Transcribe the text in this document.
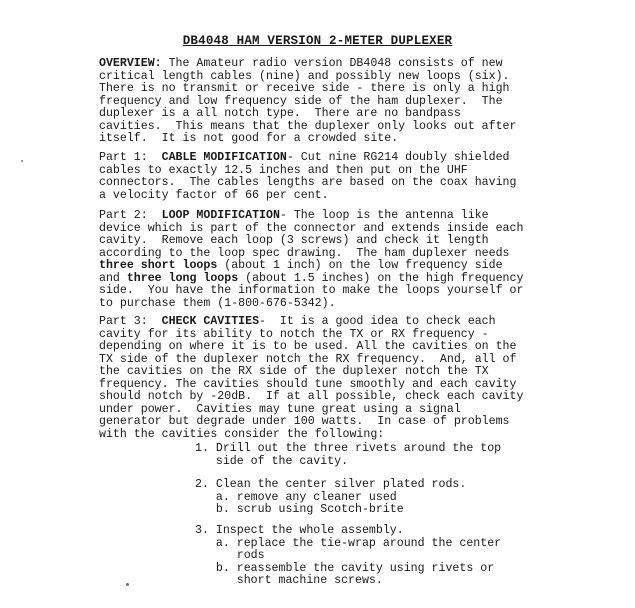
DB4048 HAM VERSION 2-METER DUPLEXER
OVERVIEW: The Amateur radio version DB4048 consists of new
critical length cables (nine) and possibly new loops (six).
There is no transmit or receive side - there is only a high
frequency and low frequency side of the ham duplexer.  The
duplexer is a all notch type.  There are no bandpass
cavities.  This means that the duplexer only looks out after
itself.  It is not good for a crowded site.
Part 1:  CABLE MODIFICATION- Cut nine RG214 doubly shielded
cables to exactly 12.5 inches and then put on the UHF
connectors.  The cables lengths are based on the coax having
a velocity factor of 66 per cent.
Part 2:  LOOP MODIFICATION- The loop is the antenna like
device which is part of the connector and extends inside each
cavity.  Remove each loop (3 screws) and check it length
according to the loop spec drawing.  The ham duplexer needs
three short loops (about 1 inch) on the low frequency side
and three long loops (about 1.5 inches) on the high frequency
side.  You have the information to make the loops yourself or
to purchase them (1-800-676-5342).
Part 3:  CHECK CAVITIES-  It is a good idea to check each
cavity for its ability to notch the TX or RX frequency -
depending on where it is to be used. All the cavities on the
TX side of the duplexer notch the RX frequency.  And, all of
the cavities on the RX side of the duplexer notch the TX
frequency. The cavities should tune smoothly and each cavity
should notch by -20dB.  If at all possible, check each cavity
under power.  Cavities may tune great using a signal
generator but degrade under 100 watts.  In case of problems
with the cavities consider the following:
1. Drill out the three rivets around the top
side of the cavity.
2. Clean the center silver plated rods.
a. remove any cleaner used
b. scrub using Scotch-brite
3. Inspect the whole assembly.
a. replace the tie-wrap around the center
rods
b. reassemble the cavity using rivets or
short machine screws.
